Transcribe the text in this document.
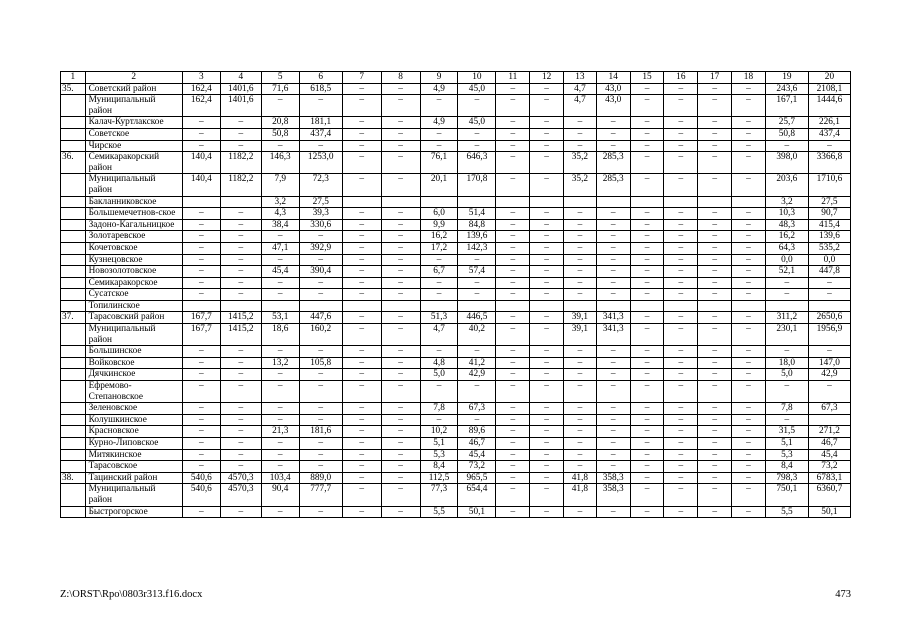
1	2	3	4	5	6	7	8	9	10	11	12	13	14	15	16	17	18	19	20
35.	Советский район	162,4	1401,6	71,6	618,5	–	–	4,9	45,0	–	–	4,7	43,0	–	–	–	–	243,6	2108,1
	Муниципальный район	162,4	1401,6	–	–	–	–	–	–	–	–	4,7	43,0	–	–	–	–	167,1	1444,6
	Калач-Куртлакское	–	–	20,8	181,1	–	–	4,9	45,0	–	–	–	–	–	–	–	–	25,7	226,1
	Советское	–	–	50,8	437,4	–	–	–	–	–	–	–	–	–	–	–	–	50,8	437,4
	Чирское	–	–	–	–	–	–	–	–	–	–	–	–	–	–	–	–	–	–
36.	Семикаракорский район	140,4	1182,2	146,3	1253,0	–	–	76,1	646,3	–	–	35,2	285,3	–	–	–	–	398,0	3366,8
	Муниципальный район	140,4	1182,2	7,9	72,3	–	–	20,1	170,8	–	–	35,2	285,3	–	–	–	–	203,6	1710,6
	Бакланниковское			3,2	27,5													3,2	27,5
	Большемечетнов-ское	–	–	4,3	39,3	–	–	6,0	51,4	–	–	–	–	–	–	–	–	10,3	90,7
	Задоно-Кагальницкое	–	–	38,4	330,6	–	–	9,9	84,8	–	–	–	–	–	–	–	–	48,3	415,4
	Золотаревское	–	–	–	–	–	–	16,2	139,6	–	–	–	–	–	–	–	–	16,2	139,6
	Кочетовское	–	–	47,1	392,9	–	–	17,2	142,3	–	–	–	–	–	–	–	–	64,3	535,2
	Кузнецовское	–	–	–	–	–	–	–	–	–	–	–	–	–	–	–	–	0,0	0,0
	Новозолотовское	–	–	45,4	390,4	–	–	6,7	57,4	–	–	–	–	–	–	–	–	52,1	447,8
	Семикаракорское	–	–	–	–	–	–	–	–	–	–	–	–	–	–	–	–	–	–
	Сусатское	–	–	–	–	–	–	–	–	–	–	–	–	–	–	–	–	–	–
	Топилинское																		
37.	Тарасовский район	167,7	1415,2	53,1	447,6	–	–	51,3	446,5	–	–	39,1	341,3	–	–	–	–	311,2	2650,6
	Муниципальный район	167,7	1415,2	18,6	160,2	–	–	4,7	40,2	–	–	39,1	341,3	–	–	–	–	230,1	1956,9
	Большинское	–	–	–	–	–	–	–	–	–	–	–	–	–	–	–	–	–	–
	Войковское	–	–	13,2	105,8	–	–	4,8	41,2	–	–	–	–	–	–	–	–	18,0	147,0
	Дячкинское	–	–	–	–	–	–	5,0	42,9	–	–	–	–	–	–	–	–	5,0	42,9
	Ефремово-Степановское	–	–	–	–	–	–	–	–	–	–	–	–	–	–	–	–	–	–
	Зеленовское	–	–	–	–	–	–	7,8	67,3	–	–	–	–	–	–	–	–	7,8	67,3
	Колушкинское	–	–	–	–	–	–	–	–	–	–	–	–	–	–	–	–	–	
	Красновское	–	–	21,3	181,6	–	–	10,2	89,6	–	–	–	–	–	–	–	–	31,5	271,2
	Курно-Липовское	–	–	–	–	–	–	5,1	46,7	–	–	–	–	–	–	–	–	5,1	46,7
	Митякинское	–	–	–	–	–	–	5,3	45,4	–	–	–	–	–	–	–	–	5,3	45,4
	Тарасовское	–	–	–	–	–	–	8,4	73,2	–	–	–	–	–	–	–	–	8,4	73,2
38.	Тацинский район	540,6	4570,3	103,4	889,0	–	–	112,5	965,5	–	–	41,8	358,3	–	–	–	–	798,3	6783,1
	Муниципальный район	540,6	4570,3	90,4	777,7	–	–	77,3	654,4	–	–	41,8	358,3	–	–	–	–	750,1	6360,7
	Быстрогорское	–	–	–	–	–	–	5,5	50,1	–	–	–	–	–	–	–	–	5,5	50,1
Z:\ORST\Rpo\0803r313.f16.docx	473
